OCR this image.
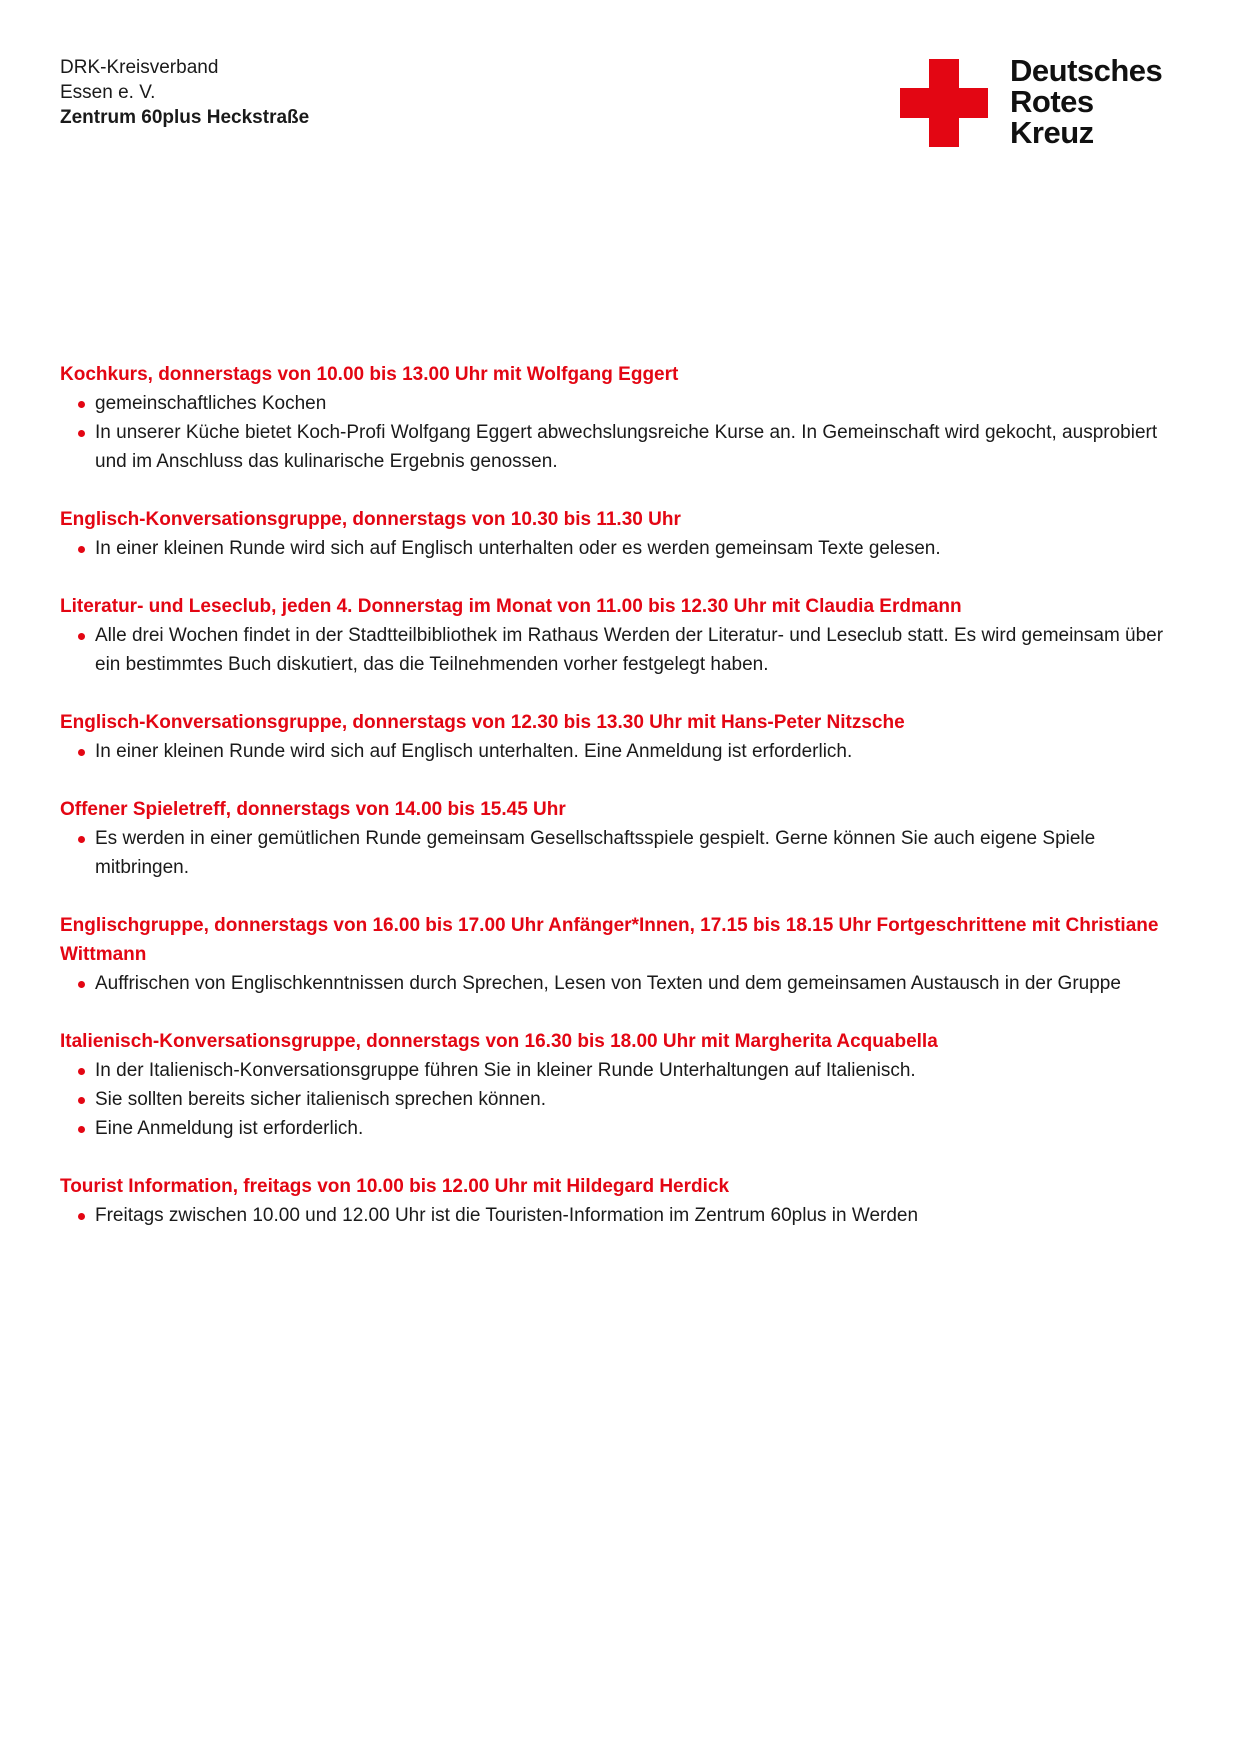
DRK-Kreisverband
Essen e. V.
Zentrum 60plus Heckstraße
Deutsches
Rotes
Kreuz
Kochkurs, donnerstags von 10.00 bis 13.00 Uhr mit Wolfgang Eggert
gemeinschaftliches Kochen
In unserer Küche bietet Koch-Profi Wolfgang Eggert abwechslungsreiche Kurse an. In Gemeinschaft wird gekocht, ausprobiert und im Anschluss das kulinarische Ergebnis genossen.
Englisch-Konversationsgruppe, donnerstags von 10.30 bis 11.30 Uhr
In einer kleinen Runde wird sich auf Englisch unterhalten oder es werden gemeinsam Texte gelesen.
Literatur- und Leseclub, jeden 4. Donnerstag im Monat von 11.00 bis 12.30 Uhr mit Claudia Erdmann
Alle drei Wochen findet in der Stadtteilbibliothek im Rathaus Werden der Literatur- und Leseclub statt. Es wird gemeinsam über ein bestimmtes Buch diskutiert, das die Teilnehmenden vorher festgelegt haben.
Englisch-Konversationsgruppe, donnerstags von 12.30 bis 13.30 Uhr mit Hans-Peter Nitzsche
In einer kleinen Runde wird sich auf Englisch unterhalten. Eine Anmeldung ist erforderlich.
Offener Spieletreff, donnerstags von 14.00 bis 15.45 Uhr
Es werden in einer gemütlichen Runde gemeinsam Gesellschaftsspiele gespielt. Gerne können Sie auch eigene Spiele mitbringen.
Englischgruppe, donnerstags von 16.00 bis 17.00 Uhr Anfänger*Innen, 17.15 bis 18.15 Uhr Fortgeschrittene mit Christiane Wittmann
Auffrischen von Englischkenntnissen durch Sprechen, Lesen von Texten und dem gemeinsamen Austausch in der Gruppe
Italienisch-Konversationsgruppe, donnerstags von 16.30 bis 18.00 Uhr mit Margherita Acquabella
In der Italienisch-Konversationsgruppe führen Sie in kleiner Runde Unterhaltungen auf Italienisch.
Sie sollten bereits sicher italienisch sprechen können.
Eine Anmeldung ist erforderlich.
Tourist Information, freitags von 10.00 bis 12.00 Uhr mit Hildegard Herdick
Freitags zwischen 10.00 und 12.00 Uhr ist die Touristen-Information im Zentrum 60plus in Werden
